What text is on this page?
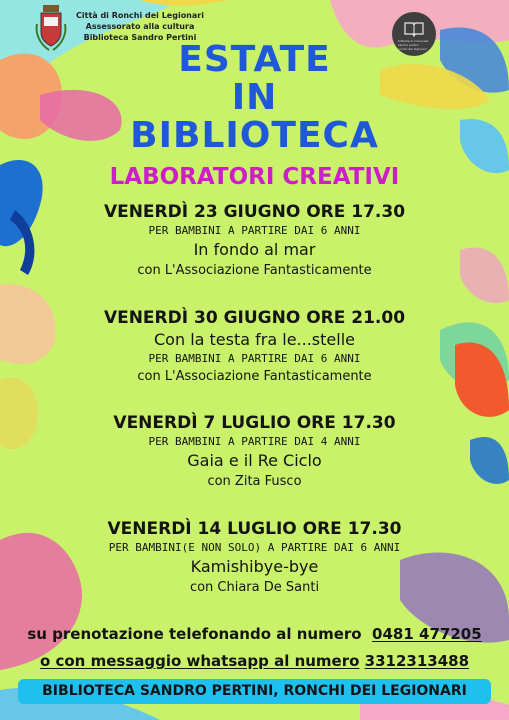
Città di Ronchi dei Legionari
Assessorato alla cultura
Biblioteca Sandro Pertini	biblioteca comunale
sandro pertini
ronchi dei legionari
ESTATE
IN
BIBLIOTECA
LABORATORI CREATIVI
VENERDÌ 23 GIUGNO ORE 17.30
PER BAMBINI A PARTIRE DAI 6 ANNI
In fondo al mar
con L'Associazione Fantasticamente
VENERDÌ 30 GIUGNO ORE 21.00
Con la testa fra le...stelle
PER BAMBINI A PARTIRE DAI 6 ANNI
con L'Associazione Fantasticamente
VENERDÌ 7 LUGLIO ORE 17.30
PER BAMBINI A PARTIRE DAI 4 ANNI
Gaia e il Re Ciclo
con Zita Fusco
VENERDÌ 14 LUGLIO ORE 17.30
PER BAMBINI(E NON SOLO) A PARTIRE DAI 6 ANNI
Kamishibye-bye
con Chiara De Santi
su prenotazione telefonando al numero 0481 477205
o con messaggio whatsapp al numero 3312313488
BIBLIOTECA SANDRO PERTINI, RONCHI DEI LEGIONARI
